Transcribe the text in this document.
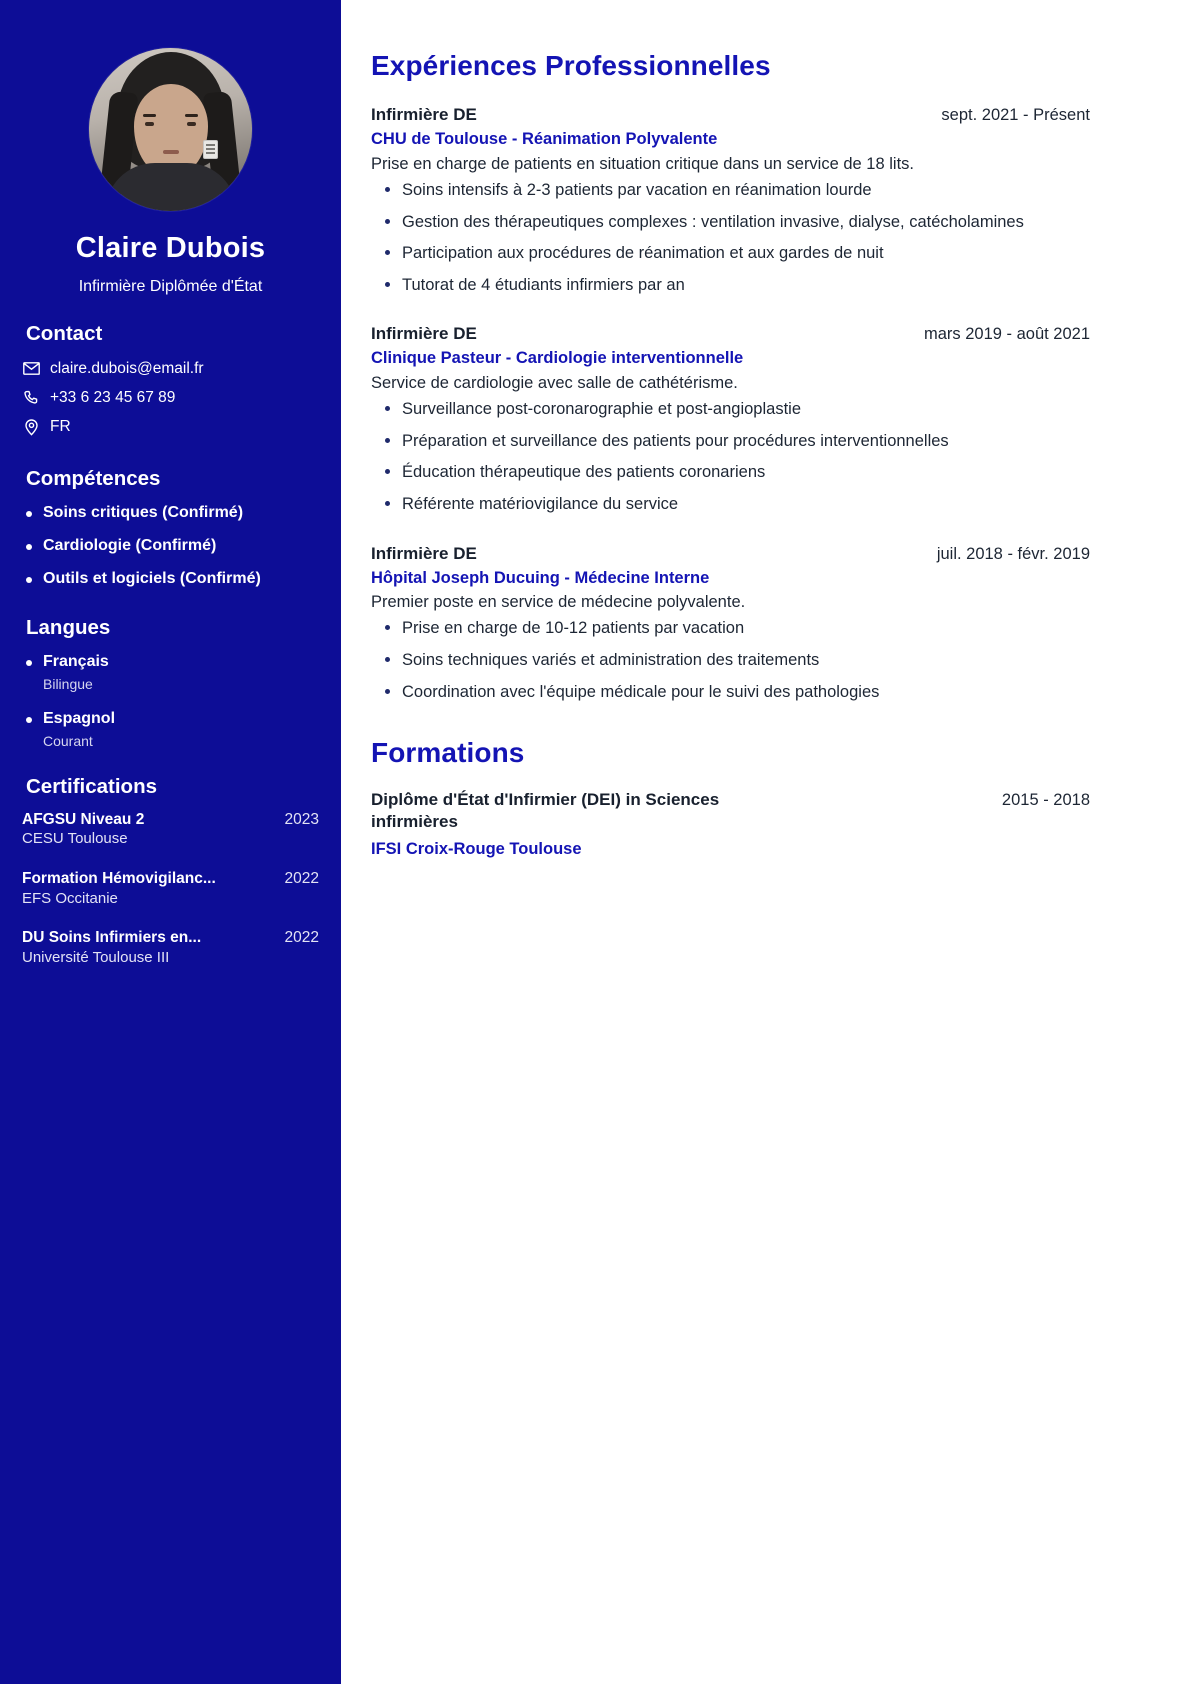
Claire Dubois
Infirmière Diplômée d'État
Contact
claire.dubois@email.fr
+33 6 23 45 67 89
FR
Compétences
Soins critiques (Confirmé)
Cardiologie (Confirmé)
Outils et logiciels (Confirmé)
Langues
Français
Bilingue
Espagnol
Courant
Certifications
AFGSU Niveau 2	2023
CESU Toulouse
Formation Hémovigilanc...	2022
EFS Occitanie
DU Soins Infirmiers en...	2022
Université Toulouse III
Expériences Professionnelles
Infirmière DE	sept. 2021 - Présent
CHU de Toulouse - Réanimation Polyvalente
Prise en charge de patients en situation critique dans un service de 18 lits.
Soins intensifs à 2-3 patients par vacation en réanimation lourde
Gestion des thérapeutiques complexes : ventilation invasive, dialyse, catécholamines
Participation aux procédures de réanimation et aux gardes de nuit
Tutorat de 4 étudiants infirmiers par an
Infirmière DE	mars 2019 - août 2021
Clinique Pasteur - Cardiologie interventionnelle
Service de cardiologie avec salle de cathétérisme.
Surveillance post-coronarographie et post-angioplastie
Préparation et surveillance des patients pour procédures interventionnelles
Éducation thérapeutique des patients coronariens
Référente matériovigilance du service
Infirmière DE	juil. 2018 - févr. 2019
Hôpital Joseph Ducuing - Médecine Interne
Premier poste en service de médecine polyvalente.
Prise en charge de 10-12 patients par vacation
Soins techniques variés et administration des traitements
Coordination avec l'équipe médicale pour le suivi des pathologies
Formations
Diplôme d'État d'Infirmier (DEI) in Sciences infirmières
2015 - 2018
IFSI Croix-Rouge Toulouse
